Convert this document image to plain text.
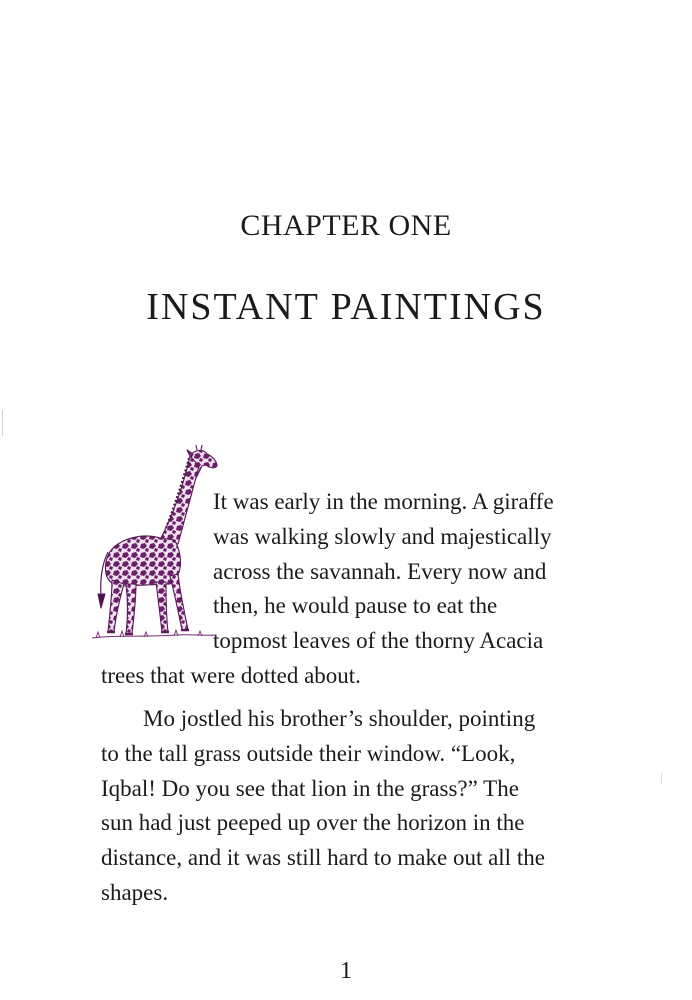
CHAPTER ONE
INSTANT PAINTINGS

It was early in the morning. A giraffe
was walking slowly and majestically
across the savannah. Every now and
then, he would pause to eat the
topmost leaves of the thorny Acacia

trees that were dotted about.

Mo jostled his brother’s shoulder, pointing
to the tall grass outside their window. “Look,
Iqbal! Do you see that lion in the grass?” The
sun had just peeped up over the horizon in the
distance, and it was still hard to make out all the
shapes.

1
